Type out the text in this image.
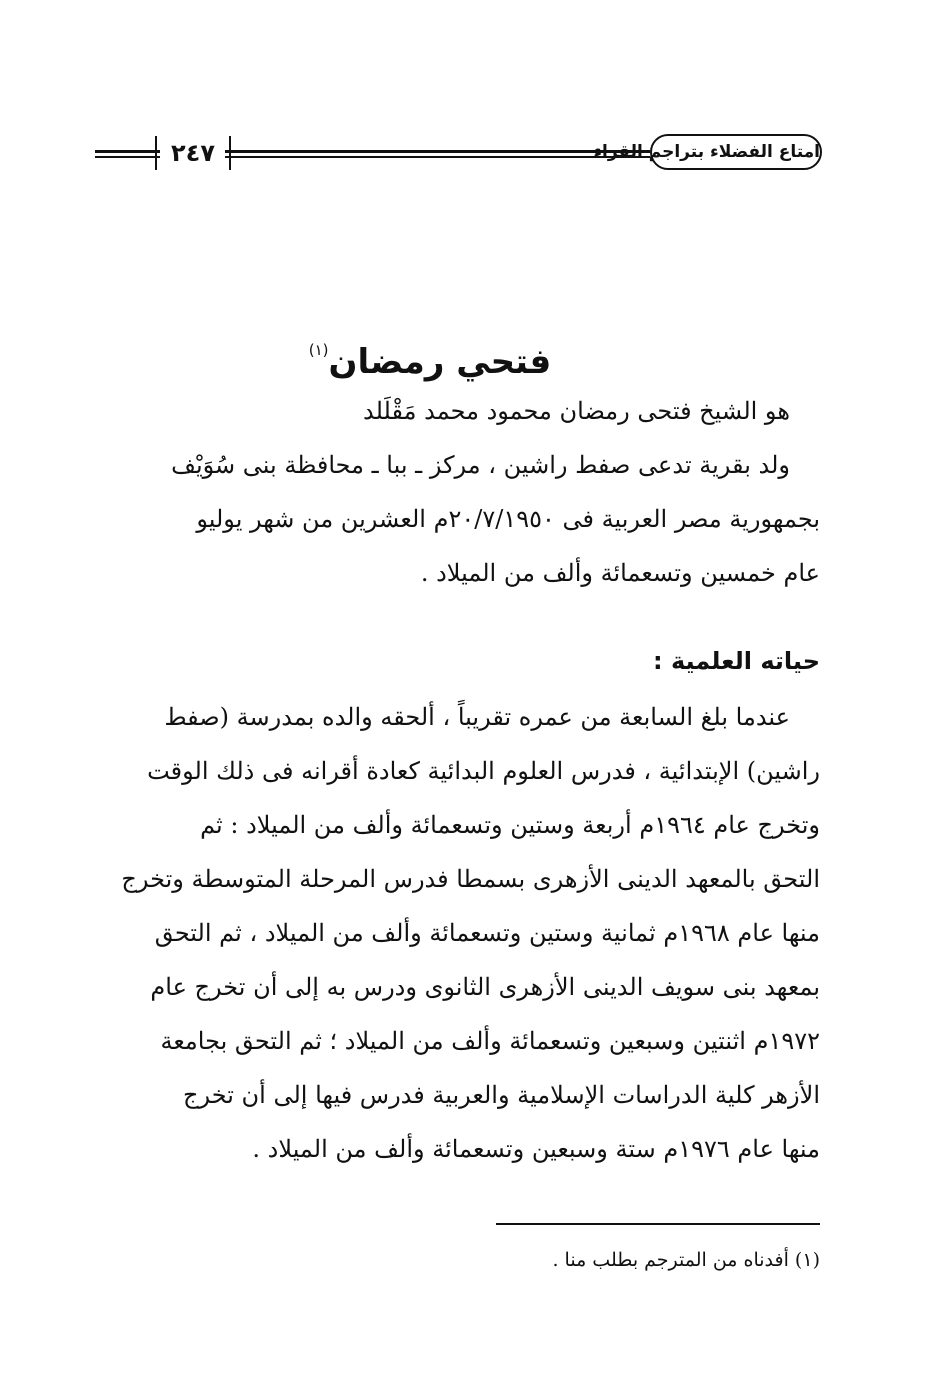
٢٤٧	امتاع الفضلاء بتراجم القراء
فتحي رمضان$^{(١)}$

هو الشيخ فتحى رمضان محمود محمد مَقْلَلد

ولد بقرية تدعى صفط راشين ، مركز ـ ببا ـ محافظة بنى سُوَيْف

بجمهورية مصر العربية فى ٢٠/٧/١٩٥٠م العشرين من شهر يوليو

عام خمسين وتسعمائة وألف من الميلاد .

حياته العلمية :

عندما بلغ السابعة من عمره تقريباً ، ألحقه والده بمدرسة (صفط

راشين) الإبتدائية ، فدرس العلوم البدائية كعادة أقرانه فى ذلك الوقت

وتخرج عام ١٩٦٤م أربعة وستين وتسعمائة وألف من الميلاد : ثم

التحق بالمعهد الدينى الأزهرى بسمطا فدرس المرحلة المتوسطة وتخرج

منها عام ١٩٦٨م ثمانية وستين وتسعمائة وألف من الميلاد ، ثم التحق

بمعهد بنى سويف الدينى الأزهرى الثانوى ودرس به إلى أن تخرج عام

١٩٧٢م اثنتين وسبعين وتسعمائة وألف من الميلاد ؛ ثم التحق بجامعة

الأزهر كلية الدراسات الإسلامية والعربية فدرس فيها إلى أن تخرج

منها عام ١٩٧٦م ستة وسبعين وتسعمائة وألف من الميلاد .

(١) أفدناه من المترجم بطلب منا .
